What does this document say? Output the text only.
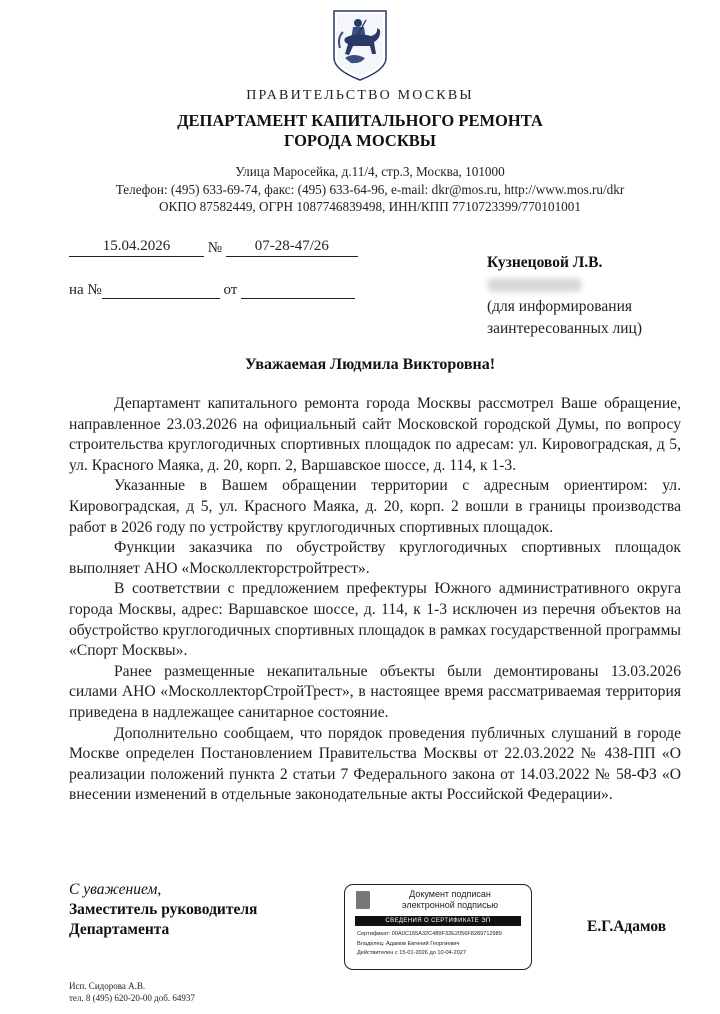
ПРАВИТЕЛЬСТВО МОСКВЫ
ДЕПАРТАМЕНТ КАПИТАЛЬНОГО РЕМОНТА
ГОРОДА МОСКВЫ
Улица Маросейка, д.11/4, стр.3, Москва, 101000
Телефон: (495) 633-69-74, факс: (495) 633-64-96, e-mail: dkr@mos.ru, http://www.mos.ru/dkr
ОКПО 87582449, ОГРН 1087746839498, ИНН/КПП 7710723399/770101001
15.04.2026	№ 07-28-47/26
на №	от
Кузнецовой Л.В.
(для информирования
заинтересованных лиц)
Уважаемая Людмила Викторовна!

Департамент капитального ремонта города Москвы рассмотрел Ваше обращение, направленное 23.03.2026 на официальный сайт Московской городской Думы, по вопросу строительства круглогодичных спортивных площадок по адресам: ул. Кировоградская, д 5, ул. Красного Маяка, д. 20, корп. 2, Варшавское шоссе, д. 114, к 1-3.

Указанные в Вашем обращении территории с адресным ориентиром: ул. Кировоградская, д 5, ул. Красного Маяка, д. 20, корп. 2 вошли в границы производства работ в 2026 году по устройству круглогодичных спортивных площадок.

Функции заказчика по обустройству круглогодичных спортивных площадок выполняет АНО «Москоллекторстройтрест».

В соответствии с предложением префектуры Южного административного округа города Москвы, адрес: Варшавское шоссе, д. 114, к 1-3 исключен из перечня объектов на обустройство круглогодичных спортивных площадок в рамках государственной программы «Спорт Москвы».

Ранее размещенные некапитальные объекты были демонтированы 13.03.2026 силами АНО «МосколлекторСтройТрест», в настоящее время рассматриваемая территория приведена в надлежащее санитарное состояние.

Дополнительно сообщаем, что порядок проведения публичных слушаний в городе Москве определен Постановлением Правительства Москвы от 22.03.2022 № 438-ПП «О реализации положений пункта 2 статьи 7 Федерального закона от 14.03.2022 № 58-ФЗ «О внесении изменений в отдельные законодательные акты Российской Федерации».

С уважением,
Заместитель руководителя
Департамента
Документ подписан
электронной подписью
СВЕДЕНИЯ О СЕРТИФИКАТЕ ЭП
Сертификат: 00A0C165A32C489F32E2056F8289712989
Владелец: Адамов Евгений Георгиевич
Действителен с 15-01-2026 до 10-04-2027
Е.Г.Адамов
Исп. Сидорова А.В.
тел. 8 (495) 620-20-00 доб. 64937
